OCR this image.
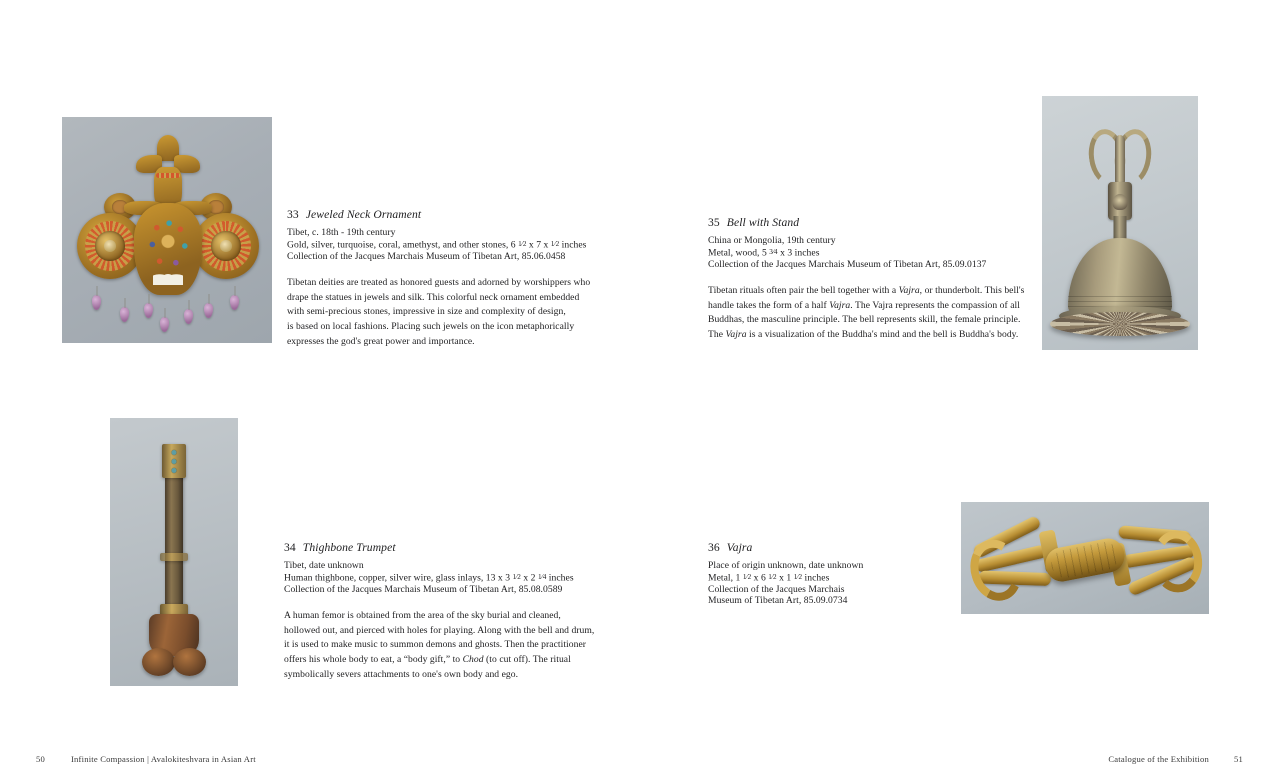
33 Jeweled Neck Ornament
Tibet, c. 18th - 19th century
Gold, silver, turquoise, coral, amethyst, and other stones, 6 1⁄2 x 7 x 1⁄2 inches
Collection of the Jacques Marchais Museum of Tibetan Art, 85.06.0458
Tibetan deities are treated as honored guests and adorned by worshippers who
drape the statues in jewels and silk. This colorful neck ornament embedded
with semi-precious stones, impressive in size and complexity of design,
is based on local fashions. Placing such jewels on the icon metaphorically
expresses the god's great power and importance.
35 Bell with Stand
China or Mongolia, 19th century
Metal, wood, 5 3⁄4 x 3 inches
Collection of the Jacques Marchais Museum of Tibetan Art, 85.09.0137
Tibetan rituals often pair the bell together with a Vajra, or thunderbolt. This bell's
handle takes the form of a half Vajra. The Vajra represents the compassion of all
Buddhas, the masculine principle. The bell represents skill, the female principle.
The Vajra is a visualization of the Buddha's mind and the bell is Buddha's body.
34 Thighbone Trumpet
Tibet, date unknown
Human thighbone, copper, silver wire, glass inlays, 13 x 3 1⁄2 x 2 1⁄4 inches
Collection of the Jacques Marchais Museum of Tibetan Art, 85.08.0589
A human femor is obtained from the area of the sky burial and cleaned,
hollowed out, and pierced with holes for playing. Along with the bell and drum,
it is used to make music to summon demons and ghosts. Then the practitioner
offers his whole body to eat, a “body gift,” to Chod (to cut off). The ritual
symbolically severs attachments to one's own body and ego.
36 Vajra
Place of origin unknown, date unknown
Metal, 1 1⁄2 x 6 1⁄2 x 1 1⁄2 inches
Collection of the Jacques Marchais
Museum of Tibetan Art, 85.09.0734
50	Infinite Compassion | Avalokiteshvara in Asian Art	Catalogue of the Exhibition	51
